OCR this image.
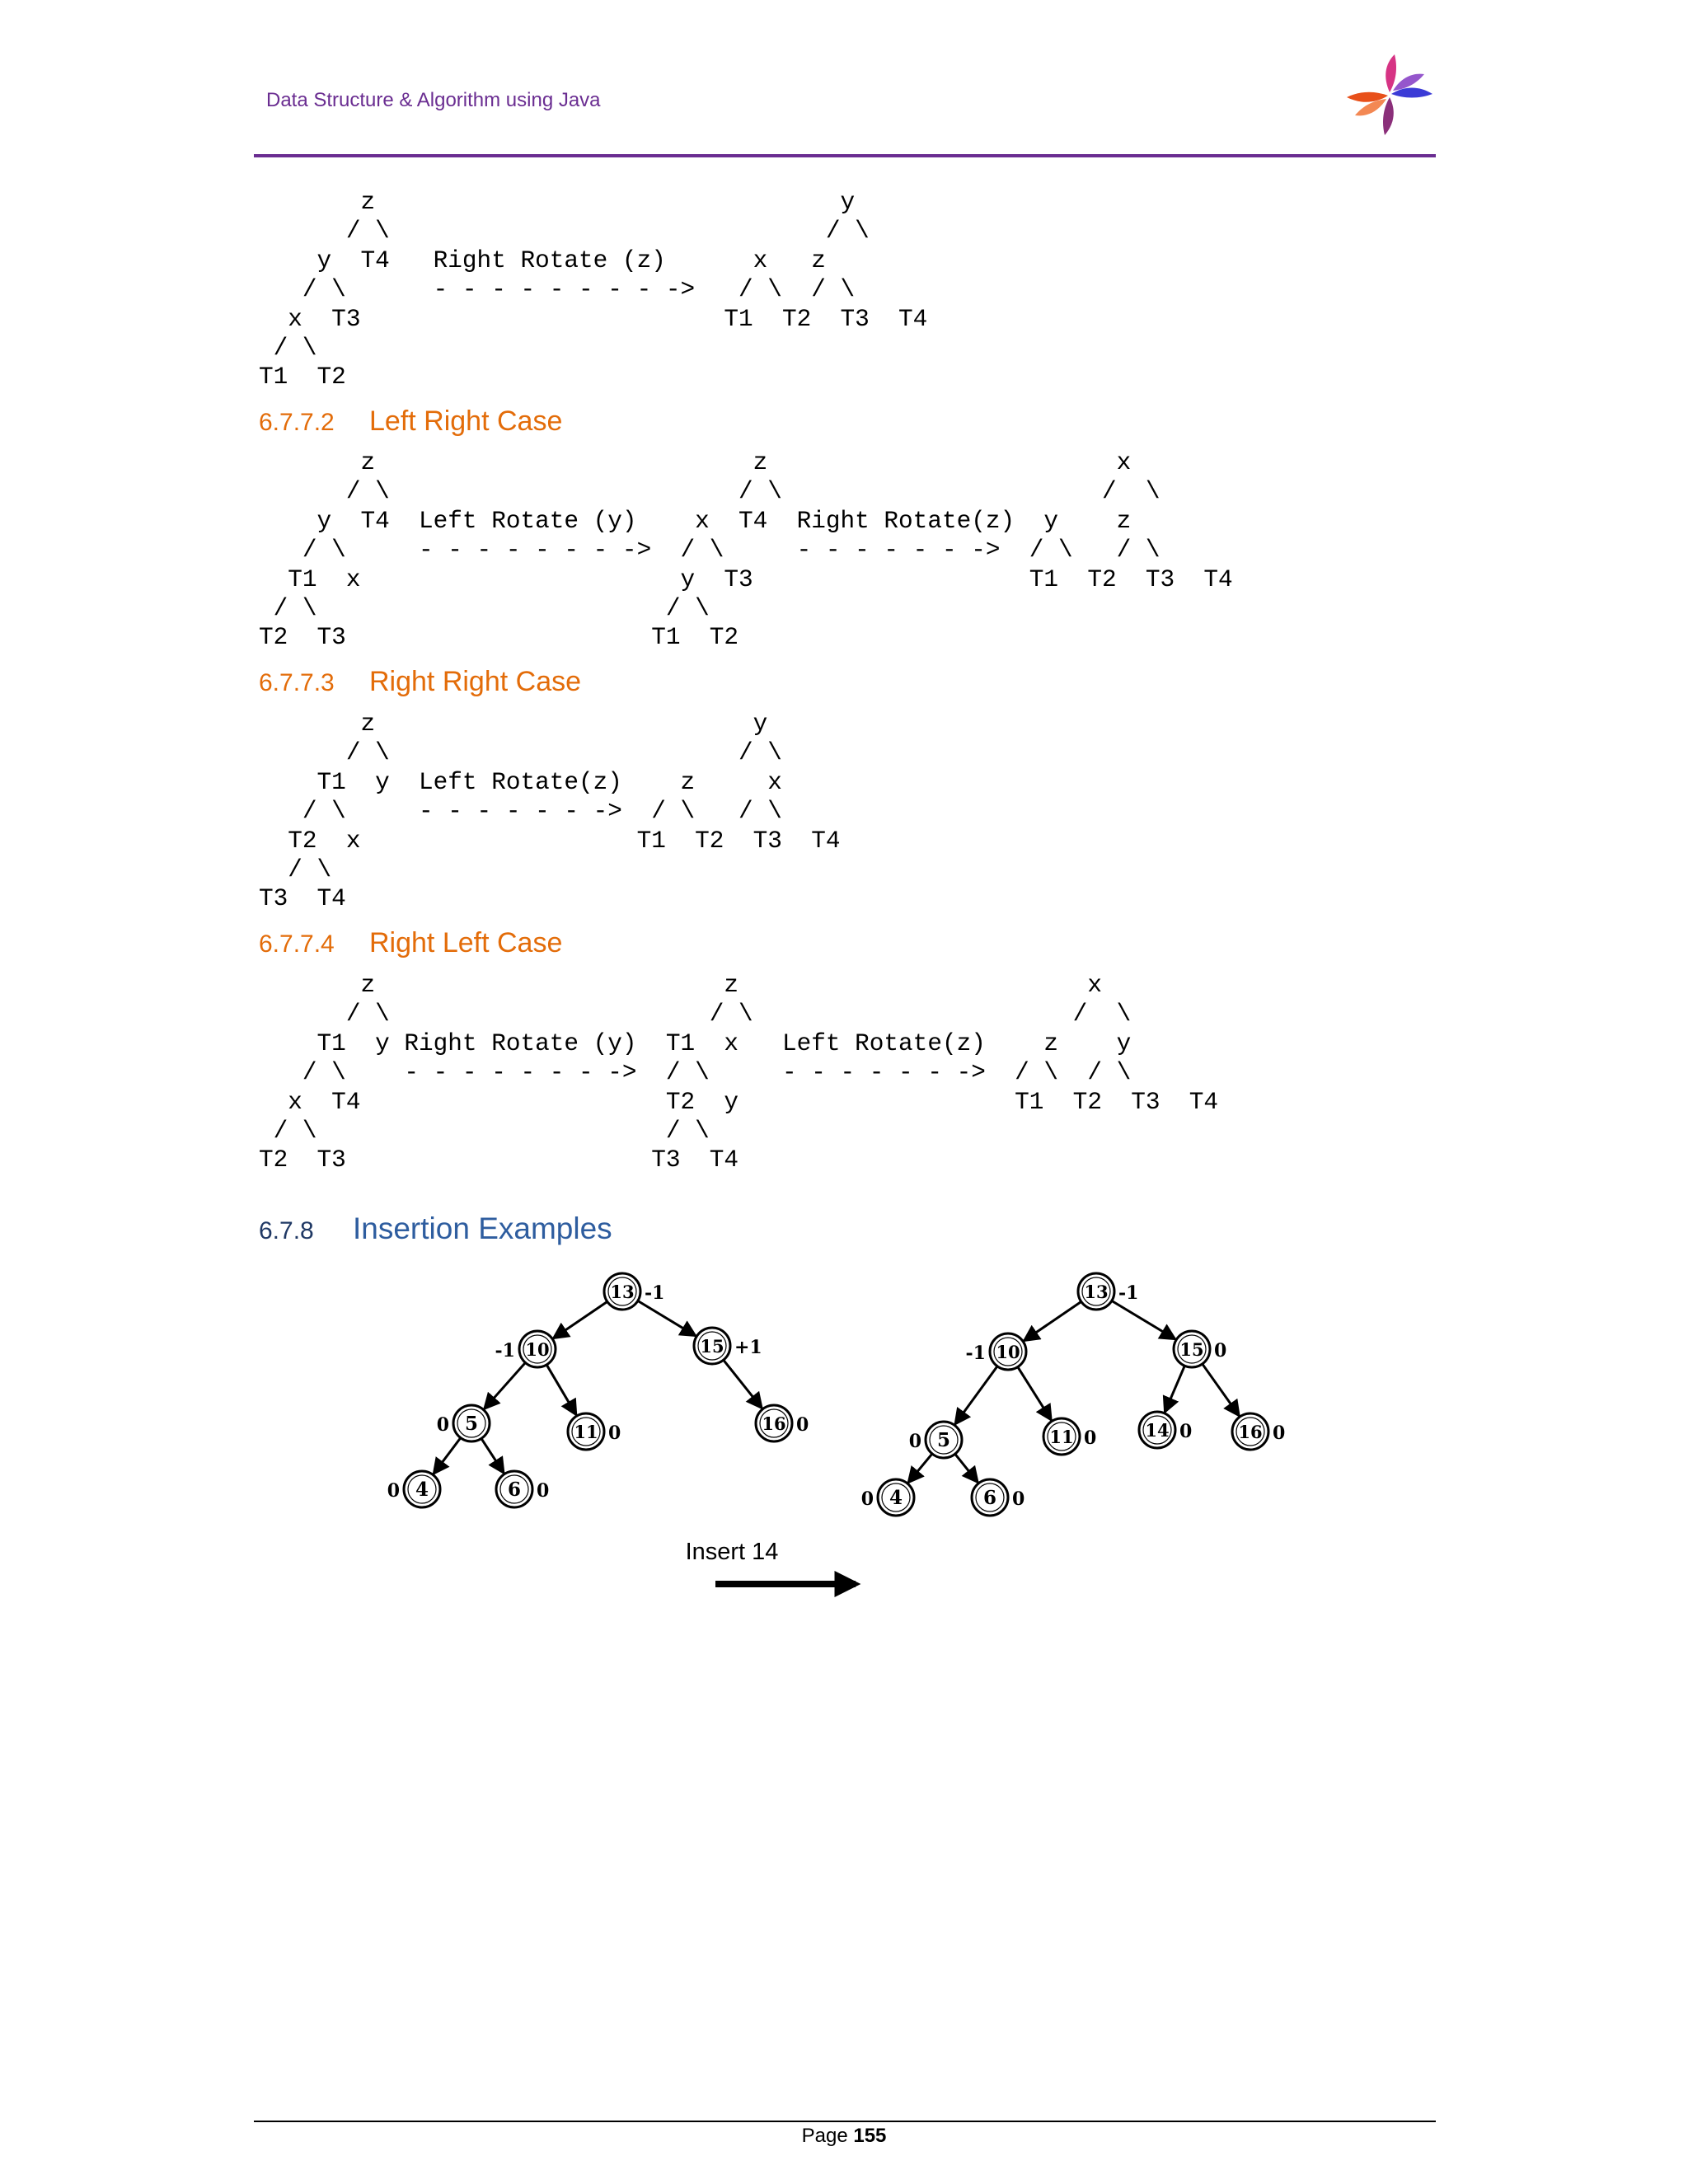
Data Structure & Algorithm using Java
z                                y
/ \                              / \
y  T4   Right Rotate (z)      x   z
/ \      - - - - - - - - ->   / \  / \
x  T3                         T1  T2  T3  T4
/ \
T1  T2
6.7.7.2 Left Right Case
z                          z                        x
/ \                        / \                      /  \
y  T4  Left Rotate (y)    x  T4  Right Rotate(z)  y    z
/ \     - - - - - - - ->  / \     - - - - - - ->  / \   / \
T1  x                      y  T3                   T1  T2  T3  T4
/ \                        / \
T2  T3                     T1  T2
6.7.7.3 Right Right Case
z                          y
/ \                        / \
T1  y  Left Rotate(z)    z     x
/ \     - - - - - - ->  / \   / \
T2  x                   T1  T2  T3  T4
/ \
T3  T4
6.7.7.4 Right Left Case
z                        z                        x
/ \                      / \                      /  \
T1  y Right Rotate (y)  T1  x   Left Rotate(z)    z    y
/ \    - - - - - - - ->  / \     - - - - - - ->  / \  / \
x  T4                     T2  y                   T1  T2  T3  T4
/ \                        / \
T2  T3                     T3  T4
6.7.8 Insertion Examples
13 -1
10
-1	15 +1
5
0	11 0	16 0
4
0	6 0
13 -1
10
-1	15 0
5
0	11 0	14 0	16 0
4
0	6 0
Insert 14
Page 155
